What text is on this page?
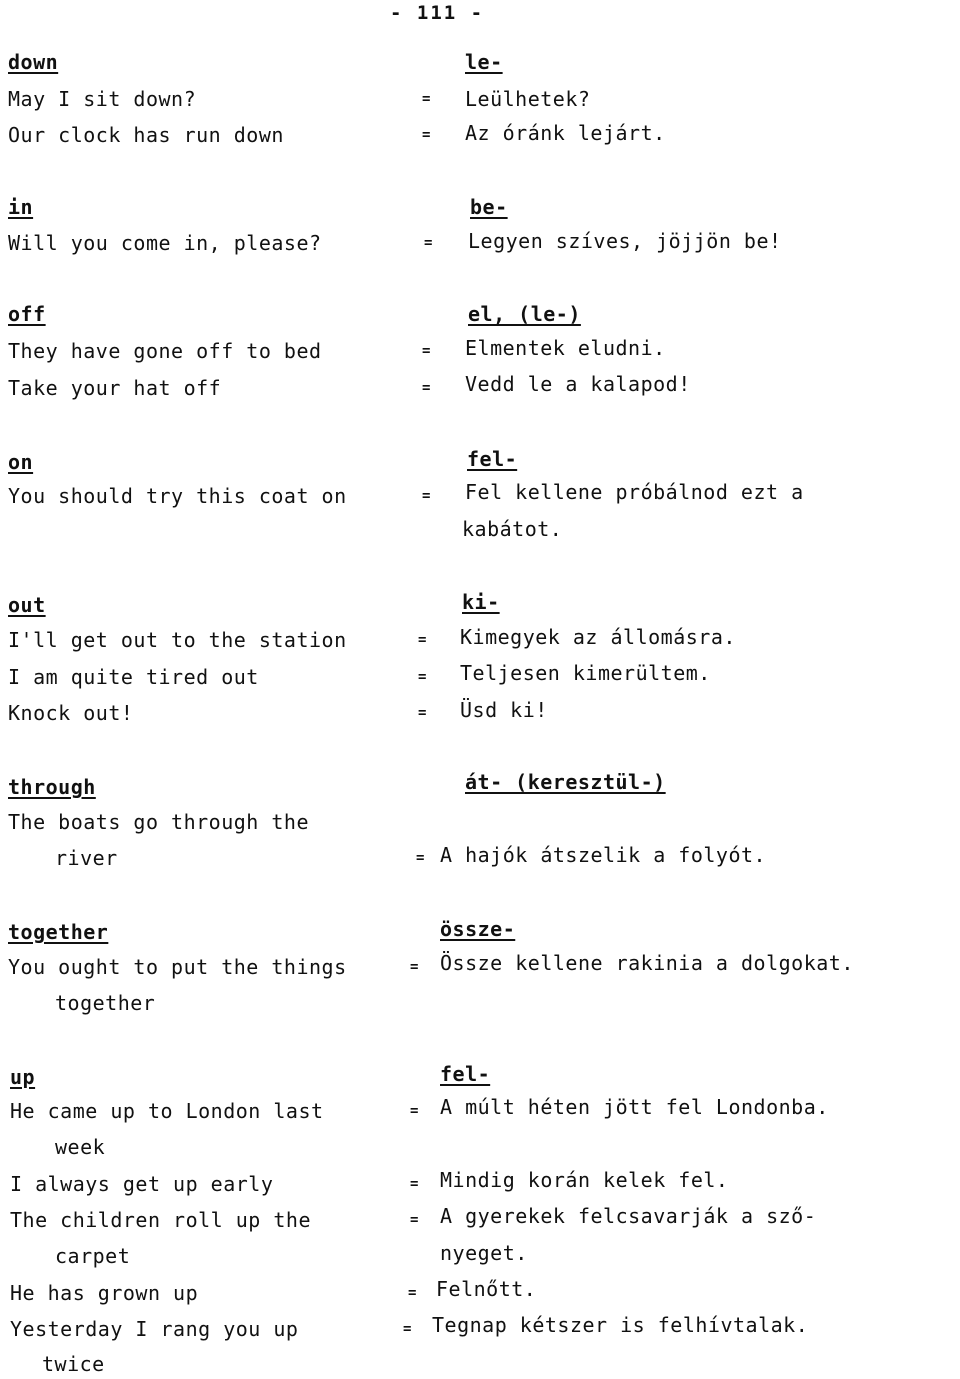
- 111 -
down	le-
May I sit down?	= Leülhetek?
Our clock has run down	= Az óránk lejárt.
in	be-
Will you come in, please?	= Legyen szíves, jöjjön be!
off	el, (le-)
They have gone off to bed	= Elmentek eludni.
Take your hat off	= Vedd le a kalapod!
on	fel-
You should try this coat on	= Fel kellene próbálnod ezt a
kabátot.
out	ki-
I'll get out to the station	= Kimegyek az állomásra.
I am quite tired out	= Teljesen kimerültem.
Knock out!	= Üsd ki!
through	át- (keresztül-)
The boats go through the
river	= A hajók átszelik a folyót.
together	össze-
You ought to put the things
together
= Össze kellene rakinia a dolgokat.
up	fel-
He came up to London last
week
= A múlt héten jött fel Londonba.
I always get up early	= Mindig korán kelek fel.
The children roll up the
carpet
= A gyerekek felcsavarják a sző-
nyeget.
He has grown up	= Felnőtt.
Yesterday I rang you up
twice
= Tegnap kétszer is felhívtalak.
